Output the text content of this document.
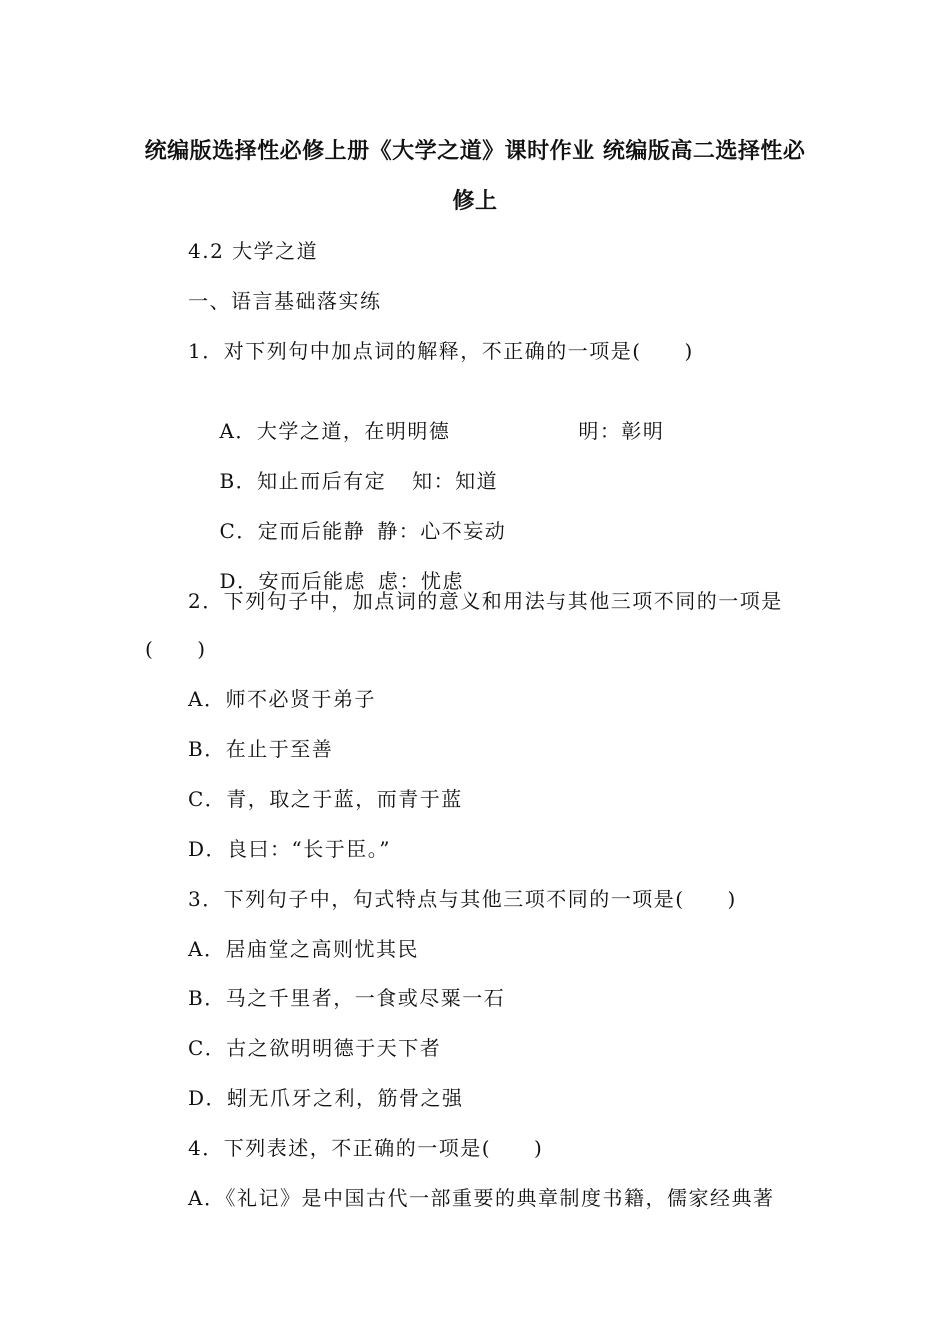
统编版选择性必修上册《大学之道》课时作业 统编版高二选择性必
修上
4.2 大学之道
一、语言基础落实练
1．对下列句中加点词的解释，不正确的一项是(　　)

A．大学之道，在明明德	明：彰明

B．知止而后有定 知：知道

C．定而后能静 静：心不妄动

D．安而后能虑 虑：忧虑

2．下列句子中，加点词的意义和用法与其他三项不同的一项是
(　　)
A．师不必贤于弟子
B．在止于至善
C．青，取之于蓝，而青于蓝
D．良曰：“长于臣。”
3．下列句子中，句式特点与其他三项不同的一项是(　　)
A．居庙堂之高则忧其民
B．马之千里者，一食或尽粟一石
C．古之欲明明德于天下者
D．蚓无爪牙之利，筋骨之强
4．下列表述，不正确的一项是(　　)
A．《礼记》是中国古代一部重要的典章制度书籍，儒家经典著
